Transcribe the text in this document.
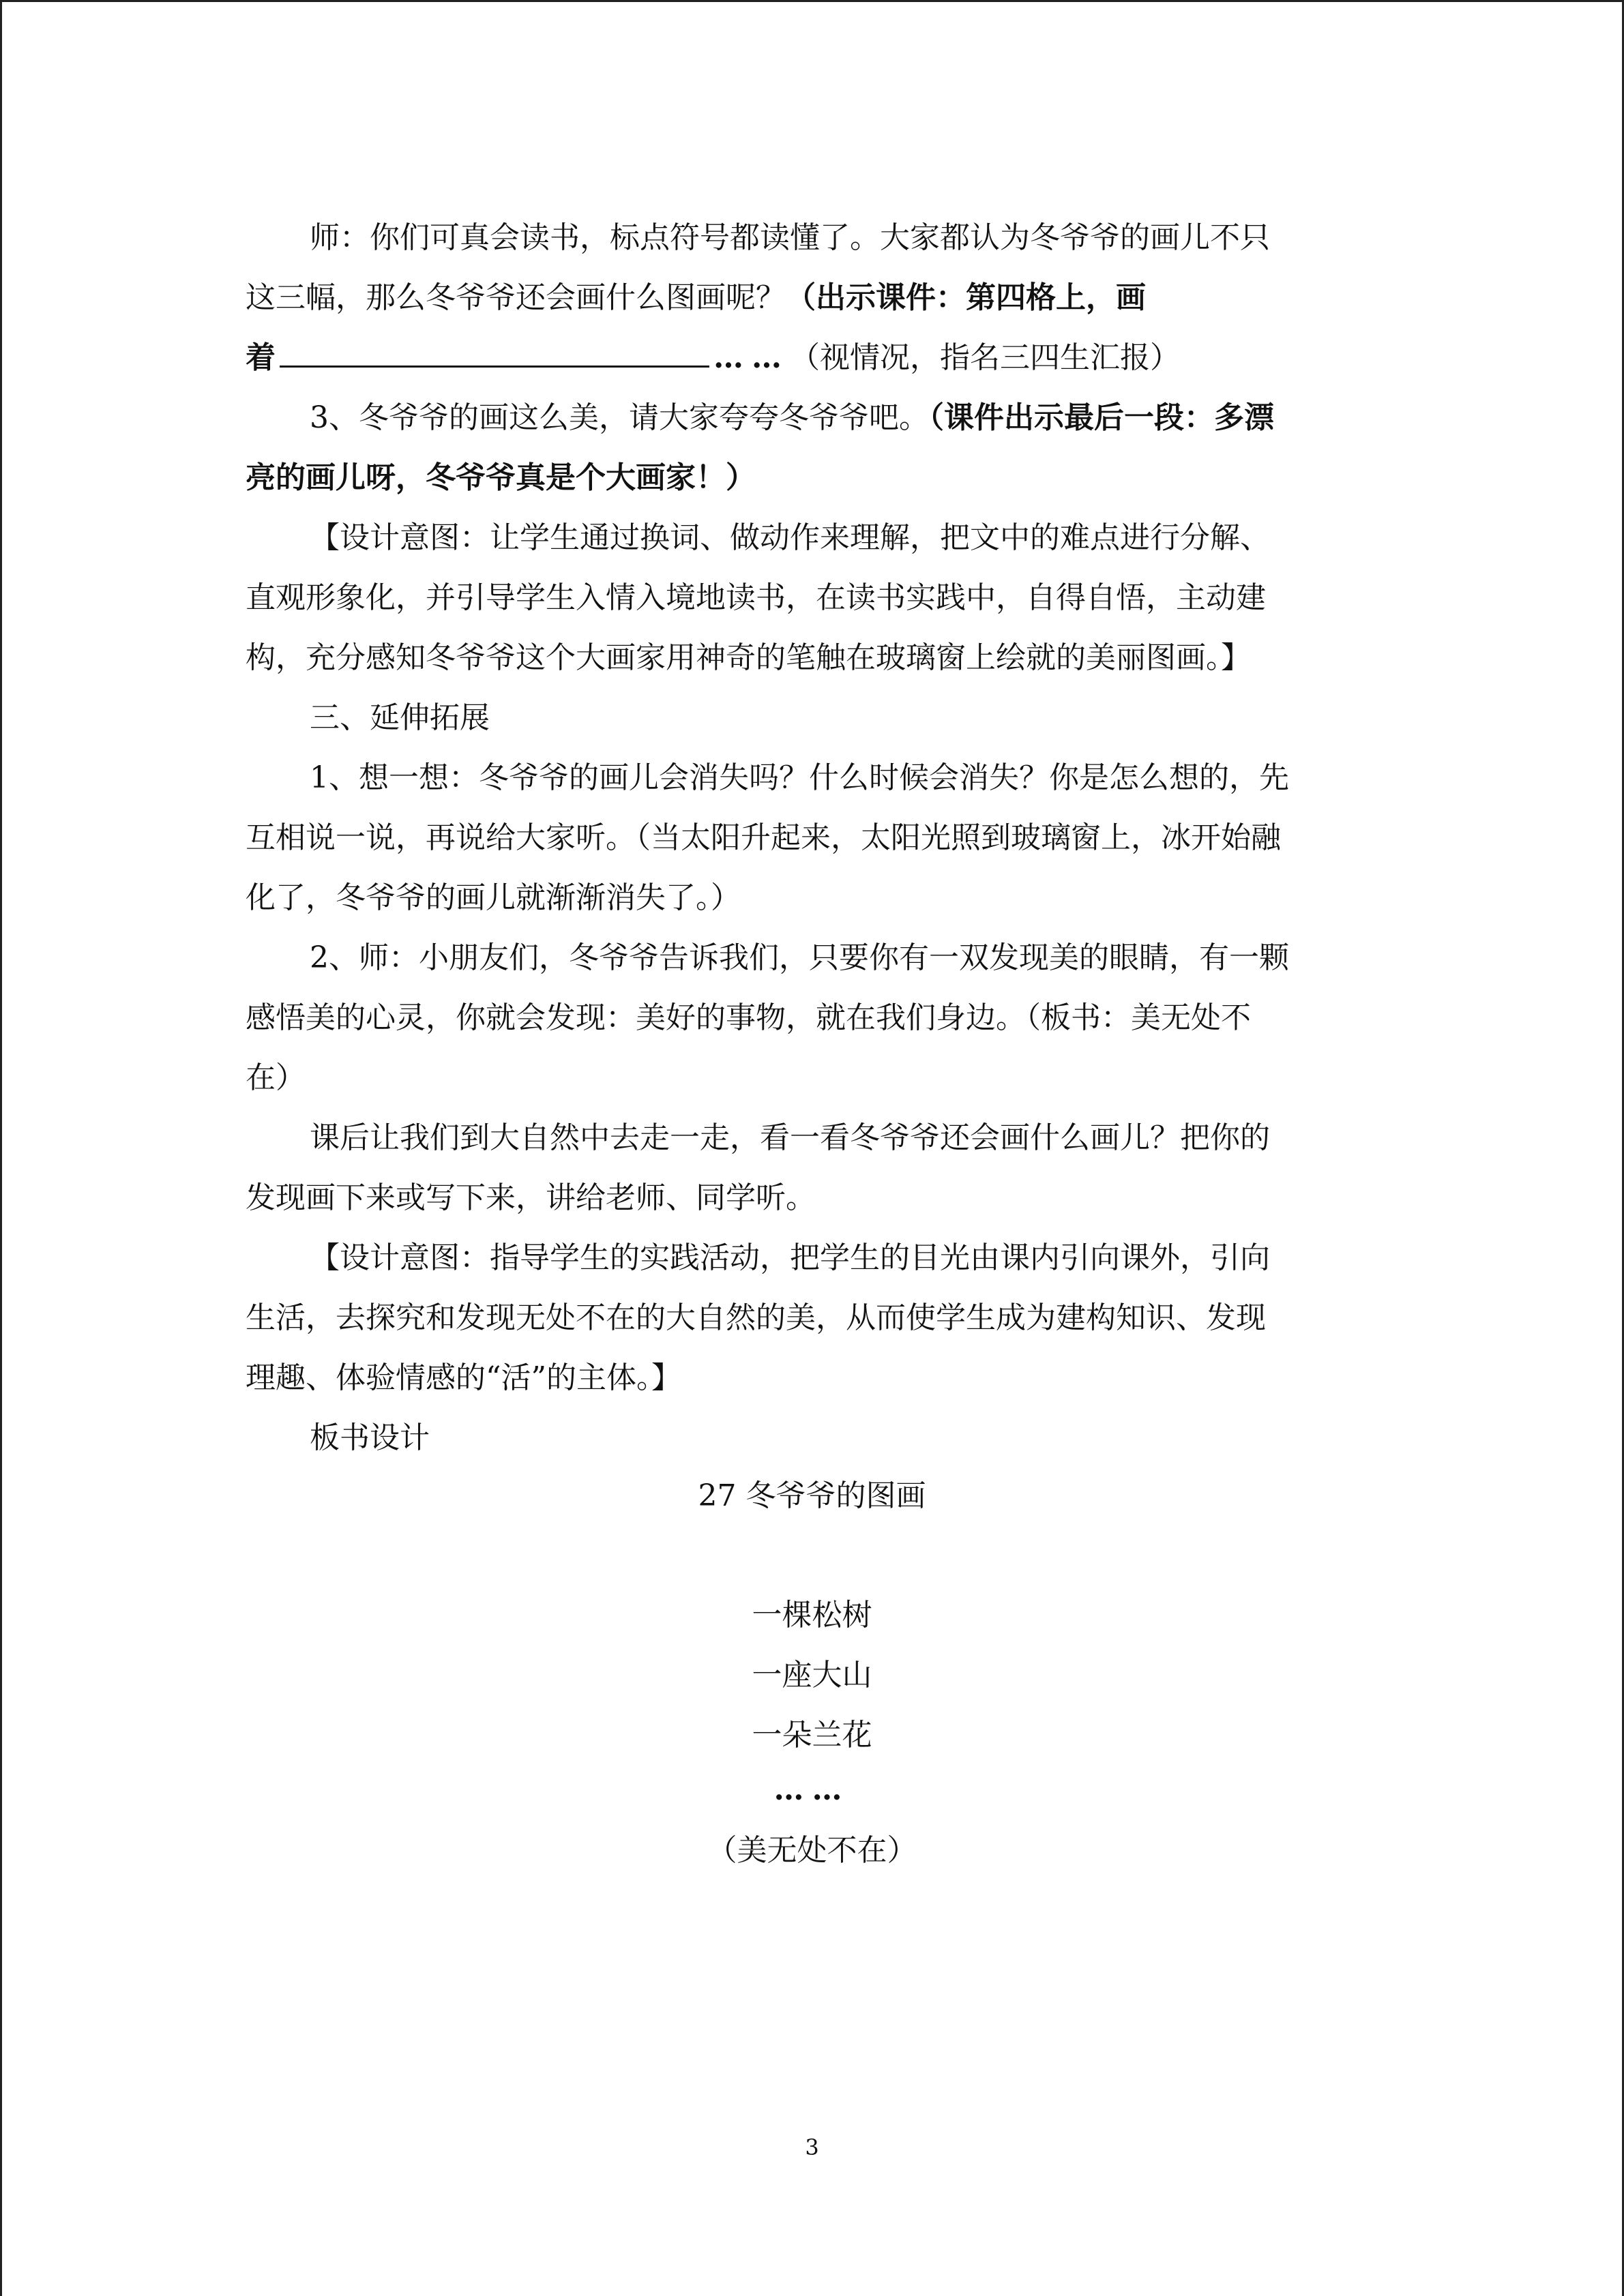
师：你们可真会读书，标点符号都读懂了。大家都认为冬爷爷的画儿不只
这三幅，那么冬爷爷还会画什么图画呢？（出示课件：第四格上，画
着	……（视情况，指名三四生汇报）
3、冬爷爷的画这么美，请大家夸夸冬爷爷吧。（课件出示最后一段：多漂
亮的画儿呀，冬爷爷真是个大画家！）
【设计意图：让学生通过换词、做动作来理解，把文中的难点进行分解、
直观形象化，并引导学生入情入境地读书，在读书实践中，自得自悟，主动建
构，充分感知冬爷爷这个大画家用神奇的笔触在玻璃窗上绘就的美丽图画。】
三、延伸拓展
1、想一想：冬爷爷的画儿会消失吗？什么时候会消失？你是怎么想的，先
互相说一说，再说给大家听。（当太阳升起来，太阳光照到玻璃窗上，冰开始融
化了，冬爷爷的画儿就渐渐消失了。）
2、师：小朋友们，冬爷爷告诉我们，只要你有一双发现美的眼睛，有一颗
感悟美的心灵，你就会发现：美好的事物，就在我们身边。（板书：美无处不
在）
课后让我们到大自然中去走一走，看一看冬爷爷还会画什么画儿？把你的
发现画下来或写下来，讲给老师、同学听。
【设计意图：指导学生的实践活动，把学生的目光由课内引向课外，引向
生活，去探究和发现无处不在的大自然的美，从而使学生成为建构知识、发现
理趣、体验情感的“活”的主体。】
板书设计
27 冬爷爷的图画
一棵松树
一座大山
一朵兰花
……
（美无处不在）
3
